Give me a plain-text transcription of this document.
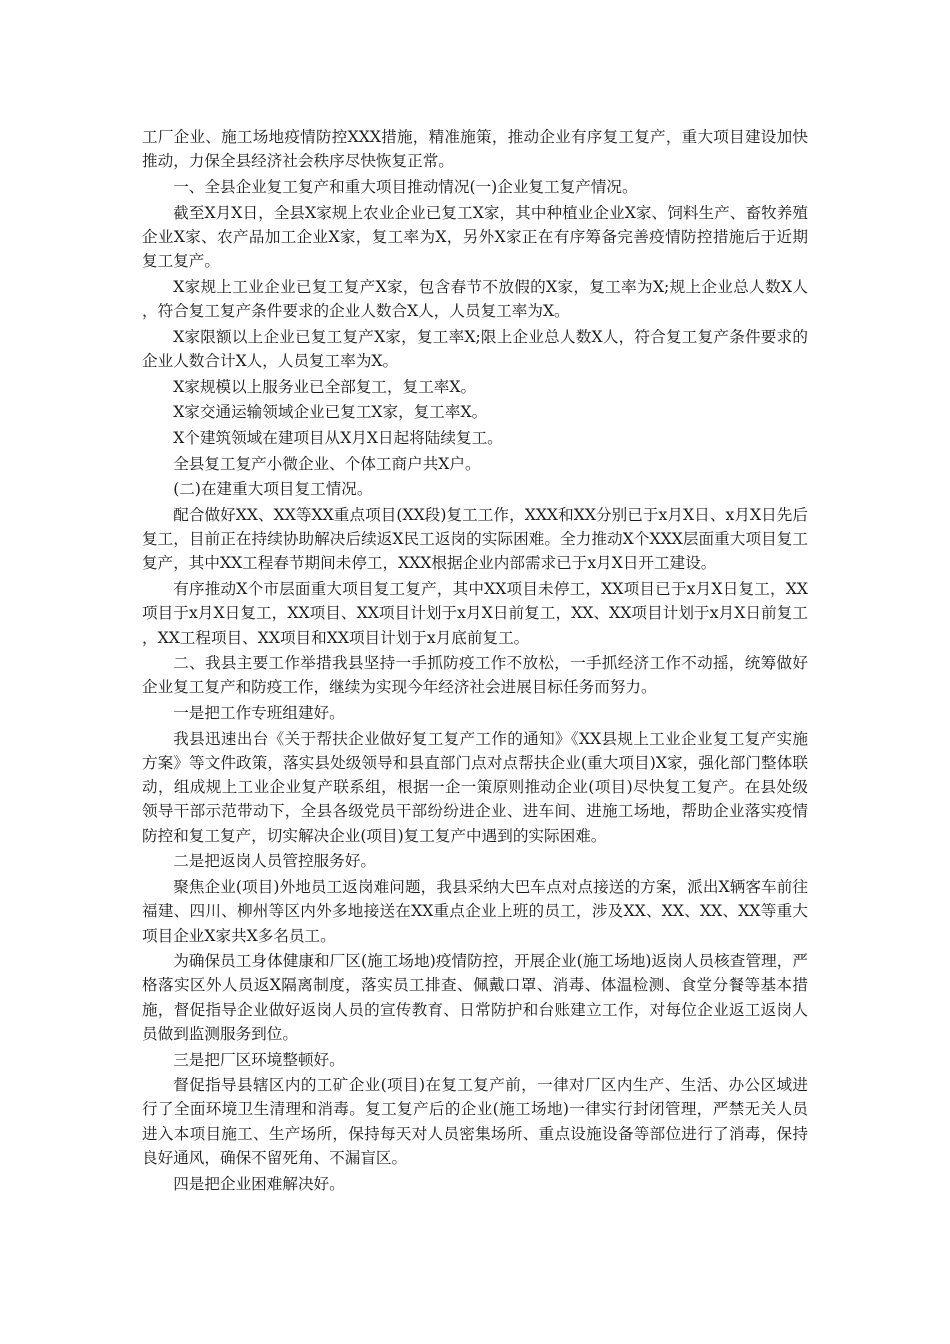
工厂企业、施工场地疫情防控XXX措施，精准施策，推动企业有序复工复产，重大项目建设加快推动，力保全县经济社会秩序尽快恢复正常。

一、全县企业复工复产和重大项目推动情况(一)企业复工复产情况。

截至X月X日，全县X家规上农业企业已复工X家，其中种植业企业X家、饲料生产、畜牧养殖企业X家、农产品加工企业X家，复工率为X，另外X家正在有序筹备完善疫情防控措施后于近期复工复产。

X家规上工业企业已复工复产X家，包含春节不放假的X家，复工率为X;规上企业总人数X人，符合复工复产条件要求的企业人数合X人，人员复工率为X。

X家限额以上企业已复工复产X家，复工率X;限上企业总人数X人，符合复工复产条件要求的企业人数合计X人，人员复工率为X。

X家规模以上服务业已全部复工，复工率X。

X家交通运输领域企业已复工X家，复工率X。

X个建筑领域在建项目从X月X日起将陆续复工。

全县复工复产小微企业、个体工商户共X户。

(二)在建重大项目复工情况。

配合做好XX、XX等XX重点项目(XX段)复工工作，XXX和XX分别已于x月X日、x月X日先后复工，目前正在持续协助解决后续返X民工返岗的实际困难。全力推动X个XXX层面重大项目复工复产，其中XX工程春节期间未停工，XXX根据企业内部需求已于x月X日开工建设。

有序推动X个市层面重大项目复工复产，其中XX项目未停工，XX项目已于x月X日复工，XX项目于x月X日复工，XX项目、XX项目计划于x月X日前复工，XX、XX项目计划于x月X日前复工，XX工程项目、XX项目和XX项目计划于x月底前复工。

二、我县主要工作举措我县坚持一手抓防疫工作不放松，一手抓经济工作不动摇，统筹做好企业复工复产和防疫工作，继续为实现今年经济社会进展目标任务而努力。

一是把工作专班组建好。

我县迅速出台《关于帮扶企业做好复工复产工作的通知》《XX县规上工业企业复工复产实施方案》等文件政策，落实县处级领导和县直部门点对点帮扶企业(重大项目)X家，强化部门整体联动，组成规上工业企业复产联系组，根据一企一策原则推动企业(项目)尽快复工复产。在县处级领导干部示范带动下，全县各级党员干部纷纷进企业、进车间、进施工场地，帮助企业落实疫情防控和复工复产，切实解决企业(项目)复工复产中遇到的实际困难。

二是把返岗人员管控服务好。

聚焦企业(项目)外地员工返岗难问题，我县采纳大巴车点对点接送的方案，派出X辆客车前往福建、四川、柳州等区内外多地接送在XX重点企业上班的员工，涉及XX、XX、XX、XX等重大项目企业X家共X多名员工。

为确保员工身体健康和厂区(施工场地)疫情防控，开展企业(施工场地)返岗人员核查管理，严格落实区外人员返X隔离制度，落实员工排查、佩戴口罩、消毒、体温检测、食堂分餐等基本措施，督促指导企业做好返岗人员的宣传教育、日常防护和台账建立工作，对每位企业返工返岗人员做到监测服务到位。

三是把厂区环境整顿好。

督促指导县辖区内的工矿企业(项目)在复工复产前，一律对厂区内生产、生活、办公区域进行了全面环境卫生清理和消毒。复工复产后的企业(施工场地)一律实行封闭管理，严禁无关人员进入本项目施工、生产场所，保持每天对人员密集场所、重点设施设备等部位进行了消毒，保持良好通风，确保不留死角、不漏盲区。

四是把企业困难解决好。
